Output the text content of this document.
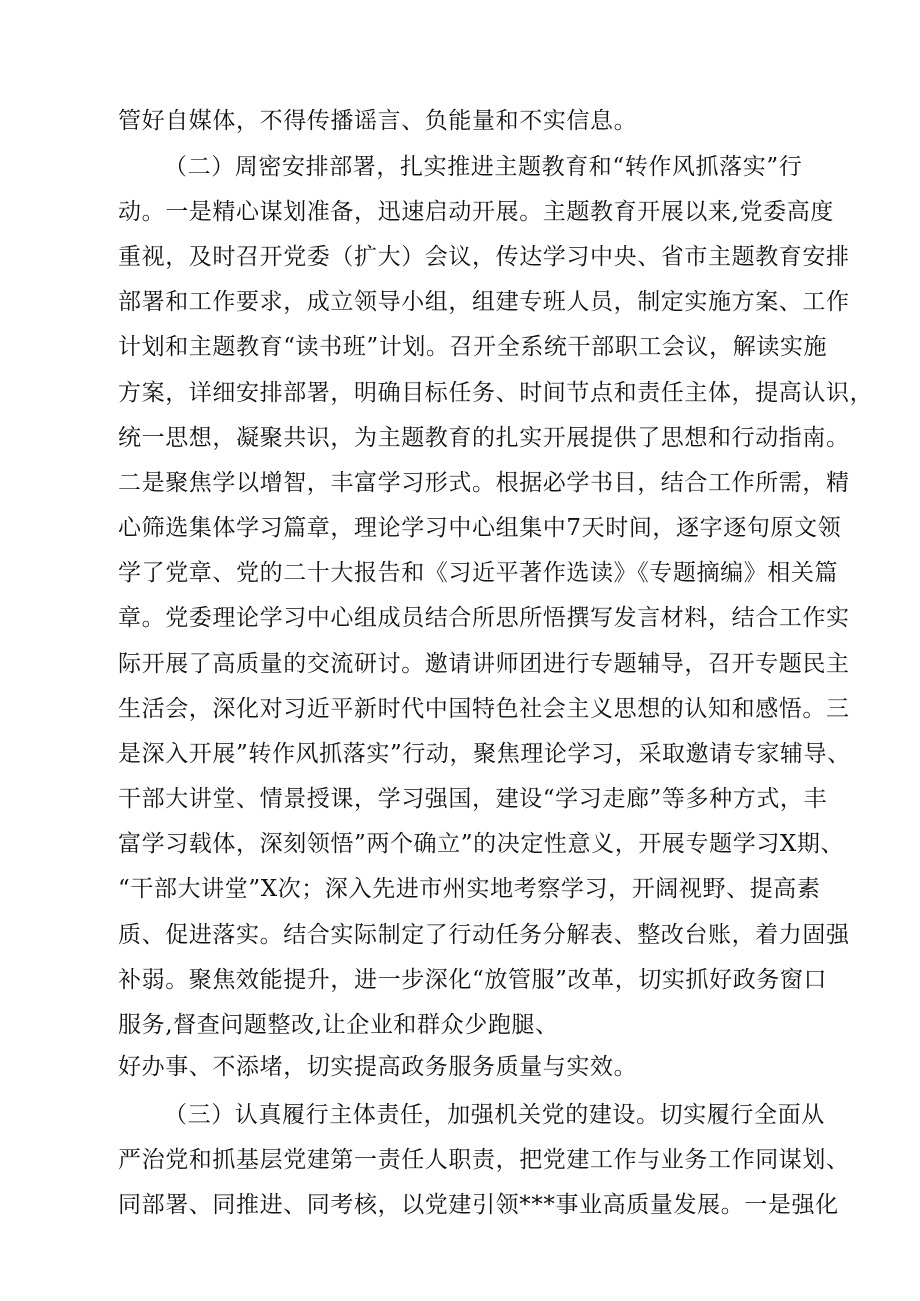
管好自媒体，不得传播谣言、负能量和不实信息。
（二）周密安排部署，扎实推进主题教育和“转作风抓落实”行
动。一是精心谋划准备，迅速启动开展。主题教育开展以来,党委高度
重视，及时召开党委（扩大）会议，传达学习中央、省市主题教育安排
部署和工作要求，成立领导小组，组建专班人员，制定实施方案、工作
计划和主题教育“读书班”计划。召开全系统干部职工会议，解读实施
方案，详细安排部署，明确目标任务、时间节点和责任主体，提高认识，
统一思想，凝聚共识，为主题教育的扎实开展提供了思想和行动指南。
二是聚焦学以增智，丰富学习形式。根据必学书目，结合工作所需，精
心筛选集体学习篇章，理论学习中心组集中7天时间，逐字逐句原文领
学了党章、党的二十大报告和《习近平著作选读》《专题摘编》相关篇
章。党委理论学习中心组成员结合所思所悟撰写发言材料，结合工作实
际开展了高质量的交流研讨。邀请讲师团进行专题辅导，召开专题民主
生活会，深化对习近平新时代中国特色社会主义思想的认知和感悟。三
是深入开展”转作风抓落实”行动，聚焦理论学习，采取邀请专家辅导、
干部大讲堂、情景授课，学习强国，建设“学习走廊”等多种方式，丰
富学习载体，深刻领悟”两个确立”的决定性意义，开展专题学习X期、
“干部大讲堂”X次；深入先进市州实地考察学习，开阔视野、提高素
质、促进落实。结合实际制定了行动任务分解表、整改台账，着力固强
补弱。聚焦效能提升，进一步深化“放管服”改革，切实抓好政务窗口
服务,督查问题整改,让企业和群众少跑腿、
好办事、不添堵，切实提高政务服务质量与实效。
（三）认真履行主体责任，加强机关党的建设。切实履行全面从
严治党和抓基层党建第一责任人职责，把党建工作与业务工作同谋划、
同部署、同推进、同考核，以党建引领***事业高质量发展。一是强化
